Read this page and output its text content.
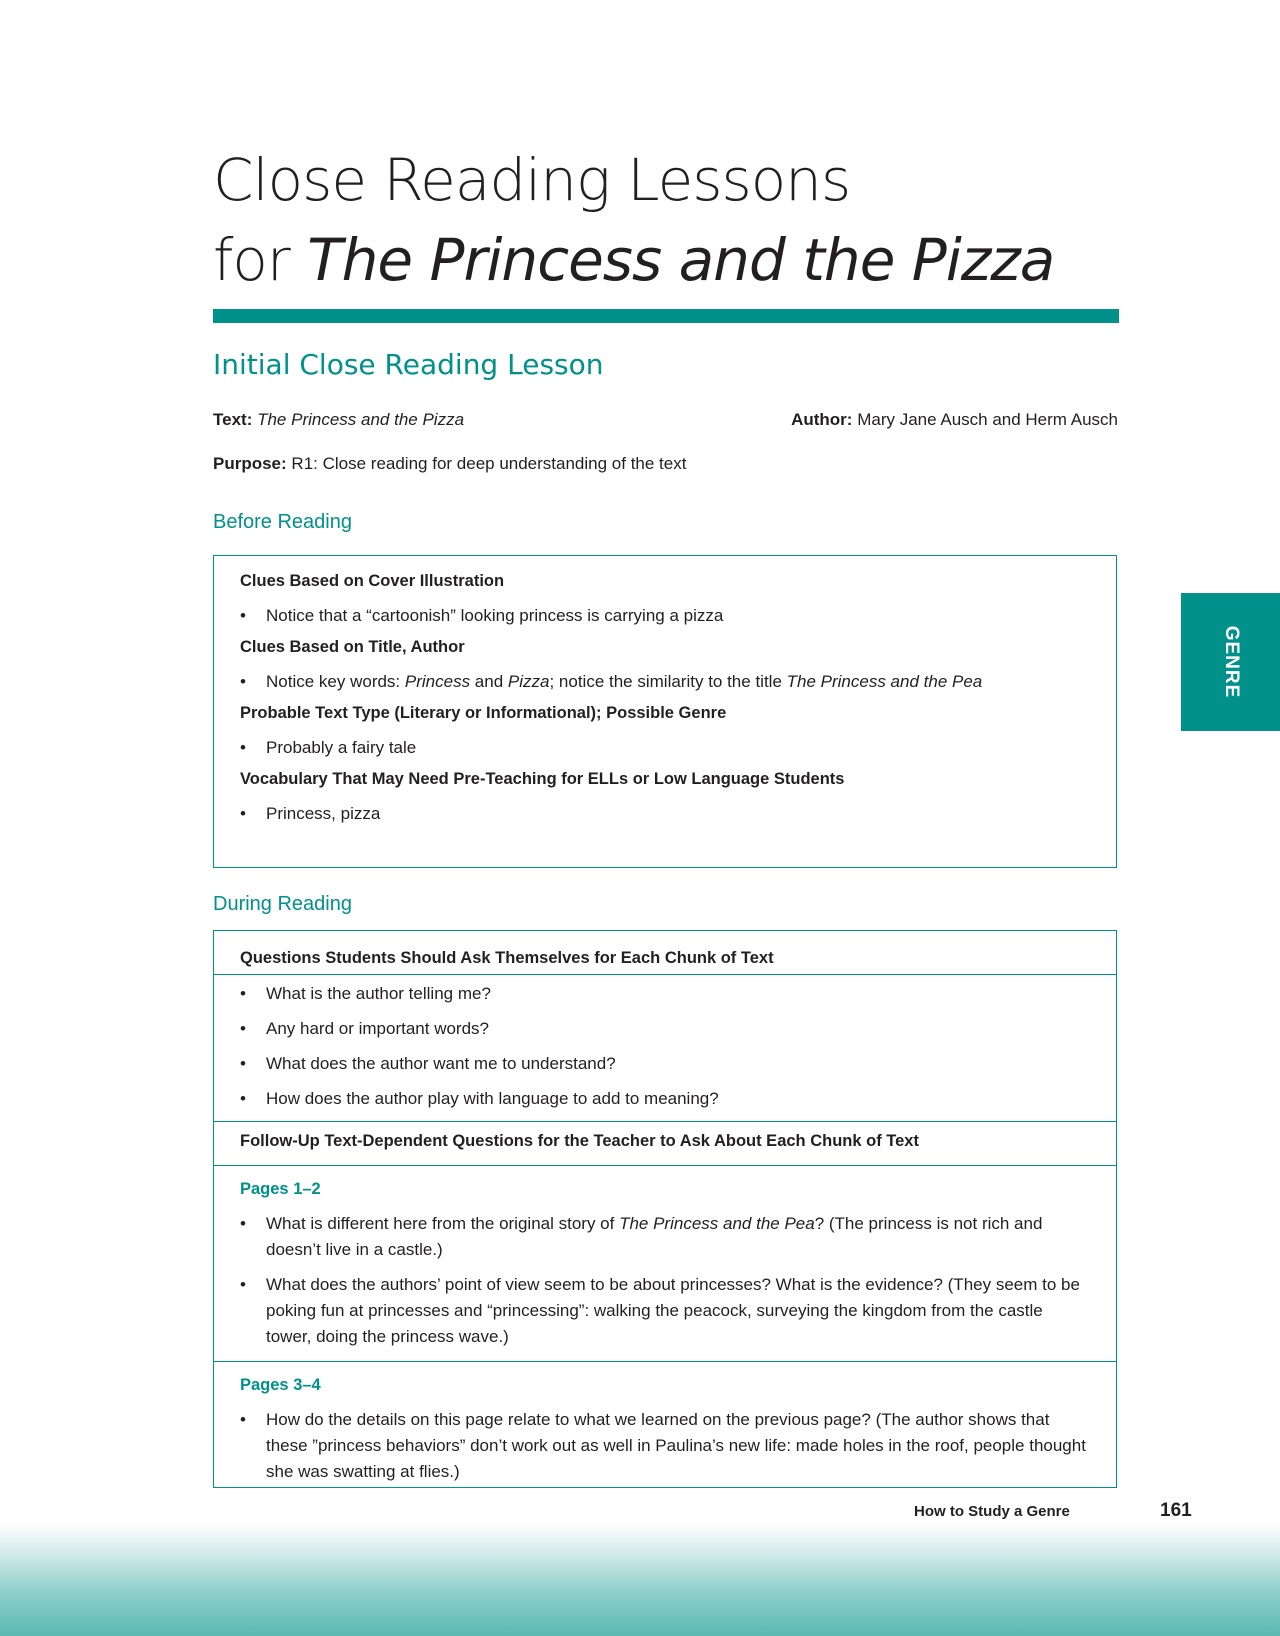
Close Reading Lessons
for The Princess and the Pizza
Initial Close Reading Lesson
Text: The Princess and the Pizza	Author: Mary Jane Ausch and Herm Ausch
Purpose: R1: Close reading for deep understanding of the text
Before Reading
Clues Based on Cover Illustration
• Notice that a “cartoonish” looking princess is carrying a pizza
Clues Based on Title, Author
• Notice key words: Princess and Pizza; notice the similarity to the title The Princess and the Pea
Probable Text Type (Literary or Informational); Possible Genre
• Probably a fairy tale
Vocabulary That May Need Pre-Teaching for ELLs or Low Language Students
• Princess, pizza
During Reading
Questions Students Should Ask Themselves for Each Chunk of Text
• What is the author telling me?
• Any hard or important words?
• What does the author want me to understand?
• How does the author play with language to add to meaning?
Follow-Up Text-Dependent Questions for the Teacher to Ask About Each Chunk of Text
Pages 1–2
• What is different here from the original story of The Princess and the Pea? (The princess is not rich and doesn’t live in a castle.)
• What does the authors’ point of view seem to be about princesses? What is the evidence? (They seem to be poking fun at princesses and “princessing”: walking the peacock, surveying the kingdom from the castle tower, doing the princess wave.)
Pages 3–4
• How do the details on this page relate to what we learned on the previous page? (The author shows that these ”princess behaviors” don’t work out as well in Paulina’s new life: made holes in the roof, people thought she was swatting at flies.)
GENRE
How to Study a Genre	161
